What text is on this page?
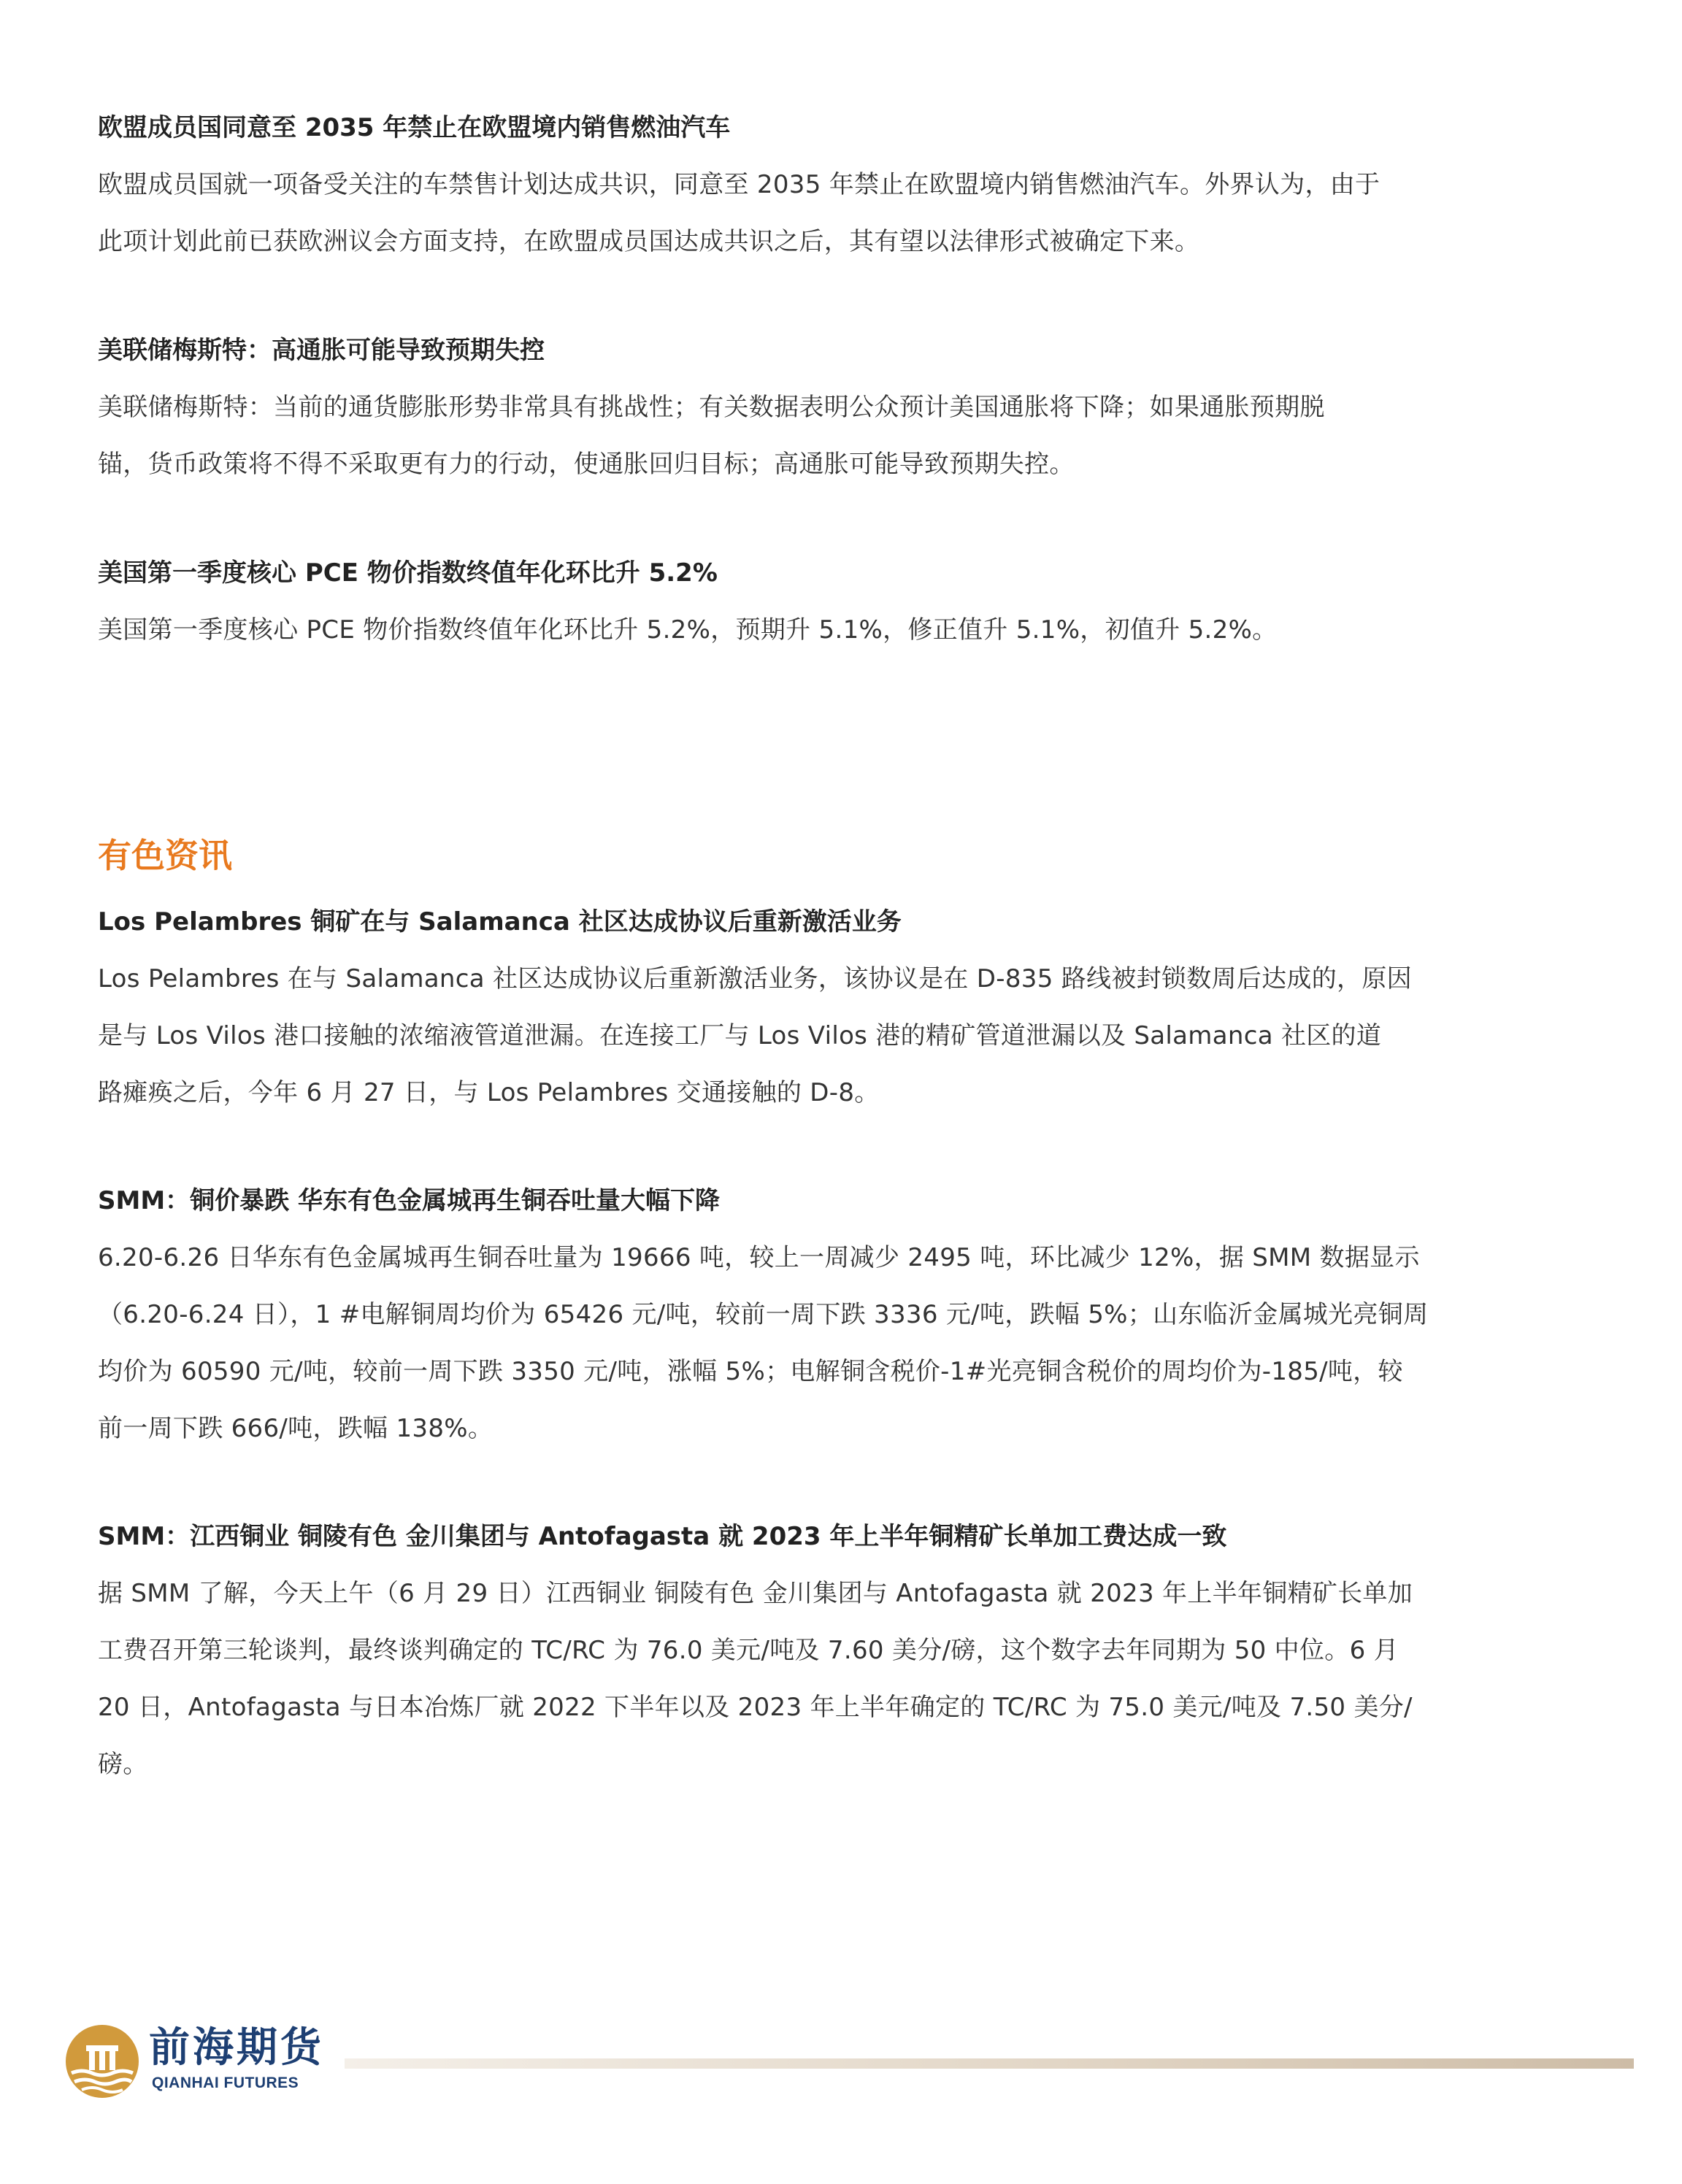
欧盟成员国同意至 2035 年禁止在欧盟境内销售燃油汽车

欧盟成员国就一项备受关注的车禁售计划达成共识，同意至 2035 年禁止在欧盟境内销售燃油汽车。外界认为，由于
此项计划此前已获欧洲议会方面支持，在欧盟成员国达成共识之后，其有望以法律形式被确定下来。

美联储梅斯特：高通胀可能导致预期失控

美联储梅斯特：当前的通货膨胀形势非常具有挑战性；有关数据表明公众预计美国通胀将下降；如果通胀预期脱
锚，货币政策将不得不采取更有力的行动，使通胀回归目标；高通胀可能导致预期失控。

美国第一季度核心 PCE 物价指数终值年化环比升 5.2%

美国第一季度核心 PCE 物价指数终值年化环比升 5.2%，预期升 5.1%，修正值升 5.1%，初值升 5.2%。

有色资讯

Los Pelambres 铜矿在与 Salamanca 社区达成协议后重新激活业务

Los Pelambres 在与 Salamanca 社区达成协议后重新激活业务，该协议是在 D-835 路线被封锁数周后达成的，原因
是与 Los Vilos 港口接触的浓缩液管道泄漏。在连接工厂与 Los Vilos 港的精矿管道泄漏以及 Salamanca 社区的道
路瘫痪之后，今年 6 月 27 日，与 Los Pelambres 交通接触的 D-8。

SMM：铜价暴跌 华东有色金属城再生铜吞吐量大幅下降

6.20-6.26 日华东有色金属城再生铜吞吐量为 19666 吨，较上一周减少 2495 吨，环比减少 12%，据 SMM 数据显示
（6.20-6.24 日），1 #电解铜周均价为 65426 元/吨，较前一周下跌 3336 元/吨，跌幅 5%；山东临沂金属城光亮铜周
均价为 60590 元/吨，较前一周下跌 3350 元/吨，涨幅 5%；电解铜含税价-1#光亮铜含税价的周均价为-185/吨，较
前一周下跌 666/吨，跌幅 138%。

SMM：江西铜业 铜陵有色 金川集团与 Antofagasta 就 2023 年上半年铜精矿长单加工费达成一致

据 SMM 了解，今天上午（6 月 29 日）江西铜业 铜陵有色 金川集团与 Antofagasta 就 2023 年上半年铜精矿长单加
工费召开第三轮谈判，最终谈判确定的 TC/RC 为 76.0 美元/吨及 7.60 美分/磅，这个数字去年同期为 50 中位。6 月
20 日，Antofagasta 与日本冶炼厂就 2022 下半年以及 2023 年上半年确定的 TC/RC 为 75.0 美元/吨及 7.50 美分/
磅。

前海期货
QIANHAI FUTURES
